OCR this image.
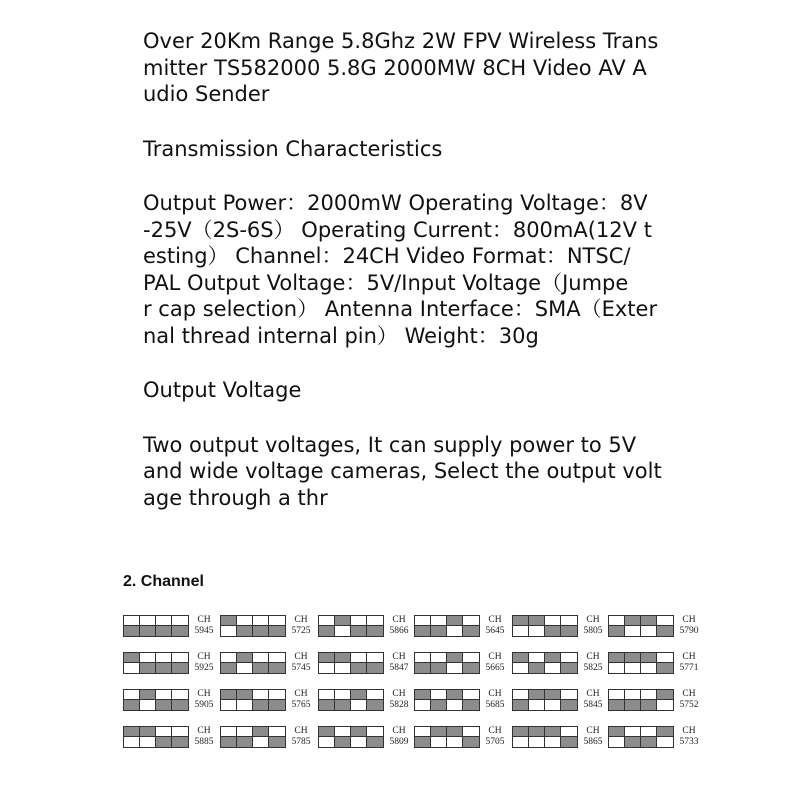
Over 20Km Range 5.8Ghz 2W FPV Wireless Trans
mitter TS582000 5.8G 2000MW 8CH Video AV A
udio Sender

Transmission Characteristics

Output Power：2000mW Operating Voltage：8V
-25V（2S-6S） Operating Current：800mA(12V t
esting） Channel：24CH Video Format：NTSC/
PAL Output Voltage：5V/Input Voltage（Jumpe
r cap selection） Antenna Interface：SMA（Exter
nal thread internal pin） Weight：30g

Output Voltage

Two output voltages, It can supply power to 5V
and wide voltage cameras, Select the output volt
age through a thr

2. Channel
CH
5945
CH
5725
CH
5866
CH
5645
CH
5805
CH
5790
CH
5925
CH
5745
CH
5847
CH
5665
CH
5825
CH
5771
CH
5905
CH
5765
CH
5828
CH
5685
CH
5845
CH
5752
CH
5885
CH
5785
CH
5809
CH
5705
CH
5865
CH
5733
